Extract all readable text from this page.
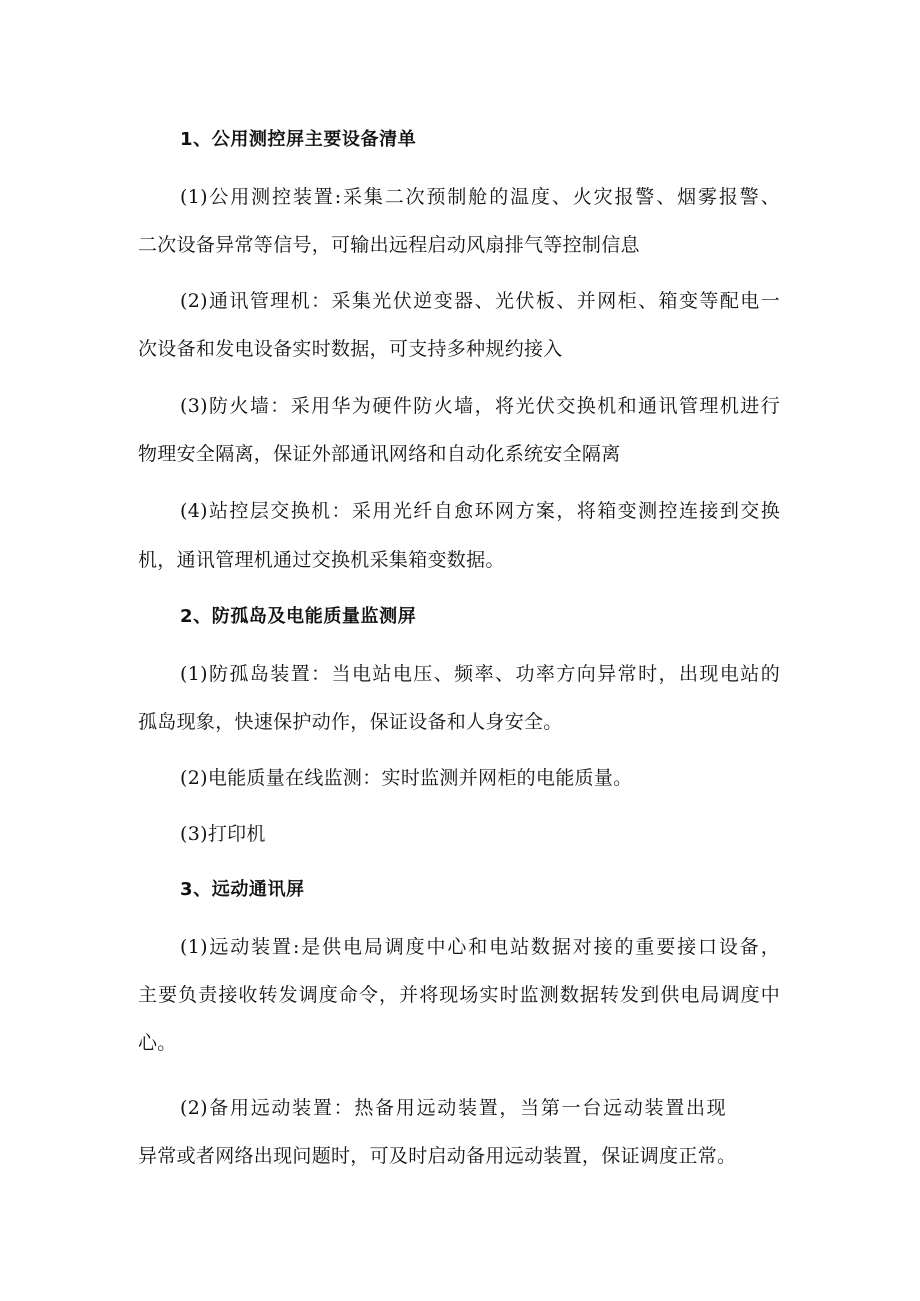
1、公用测控屏主要设备清单

(1)公用测控装置:采集二次预制舱的温度、火灾报警、烟雾报警、

二次设备异常等信号，可输出远程启动风扇排气等控制信息

(2)通讯管理机：采集光伏逆变器、光伏板、并网柜、箱变等配电一

次设备和发电设备实时数据，可支持多种规约接入

(3)防火墙：采用华为硬件防火墙，将光伏交换机和通讯管理机进行

物理安全隔离，保证外部通讯网络和自动化系统安全隔离

(4)站控层交换机：采用光纤自愈环网方案，将箱变测控连接到交换

机，通讯管理机通过交换机采集箱变数据。

2、防孤岛及电能质量监测屏

(1)防孤岛装置：当电站电压、频率、功率方向异常时，出现电站的

孤岛现象，快速保护动作，保证设备和人身安全。

(2)电能质量在线监测：实时监测并网柜的电能质量。

(3)打印机

3、远动通讯屏

(1)远动装置:是供电局调度中心和电站数据对接的重要接口设备，

主要负责接收转发调度命令，并将现场实时监测数据转发到供电局调度中

心。

(2)备用远动装置：热备用远动装置，当第一台远动装置出现

异常或者网络出现问题时，可及时启动备用远动装置，保证调度正常。
